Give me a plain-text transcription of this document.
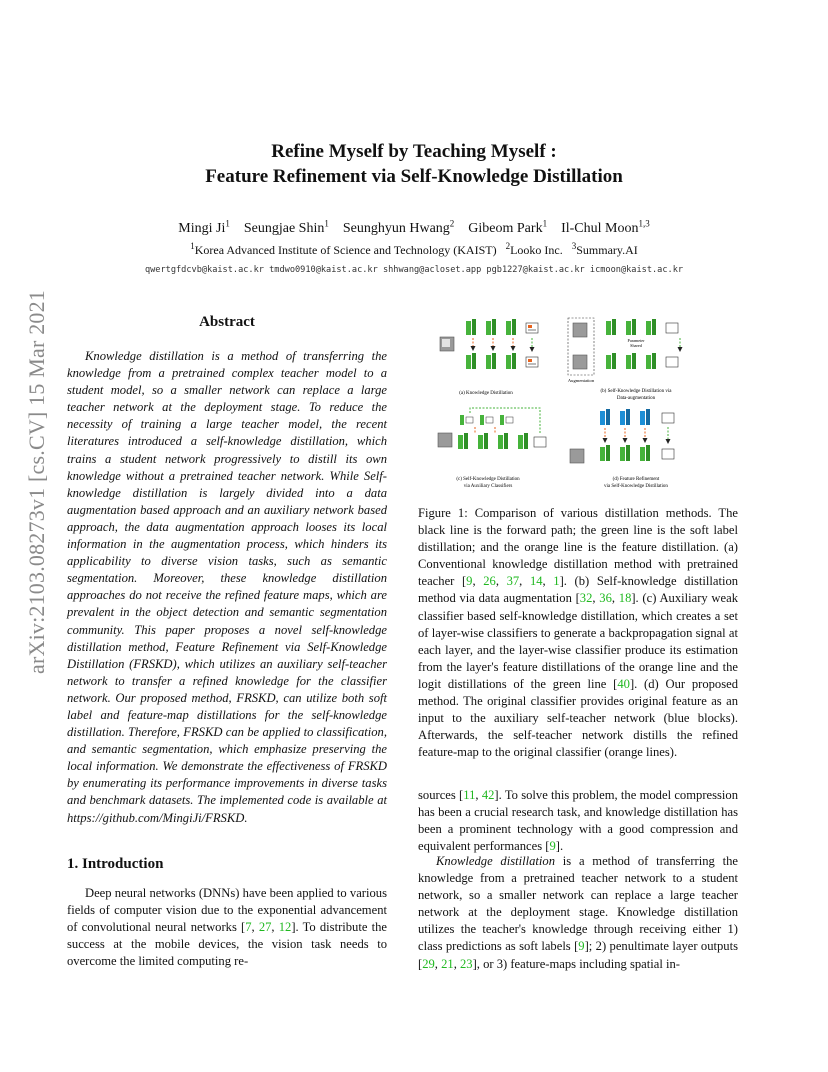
arXiv:2103.08273v1 [cs.CV] 15 Mar 2021
Refine Myself by Teaching Myself :
Feature Refinement via Self-Knowledge Distillation
Mingi Ji$^1$ Seungjae Shin$^1$ Seunghyun Hwang$^2$ Gibeom Park$^1$ Il-Chul Moon$^{1,3}$
$^1$Korea Advanced Institute of Science and Technology (KAIST) $^2$Looko Inc. $^3$Summary.AI
qwertgfdcvb@kaist.ac.kr tmdwo0910@kaist.ac.kr shhwang@acloset.app pgb1227@kaist.ac.kr icmoon@kaist.ac.kr
Abstract
Knowledge distillation is a method of transferring the knowledge from a pretrained complex teacher model to a student model, so a smaller network can replace a large teacher network at the deployment stage. To reduce the necessity of training a large teacher model, the recent literatures introduced a self-knowledge distillation, which trains a student network progressively to distill its own knowledge without a pretrained teacher network. While Self-knowledge distillation is largely divided into a data augmentation based approach and an auxiliary network based approach, the data augmentation approach looses its local information in the augmentation process, which hinders its applicability to diverse vision tasks, such as semantic segmentation. Moreover, these knowledge distillation approaches do not receive the refined feature maps, which are prevalent in the object detection and semantic segmentation community. This paper proposes a novel self-knowledge distillation method, Feature Refinement via Self-Knowledge Distillation (FRSKD), which utilizes an auxiliary self-teacher network to transfer a refined knowledge for the classifier network. Our proposed method, FRSKD, can utilize both soft label and feature-map distillations for the self-knowledge distillation. Therefore, FRSKD can be applied to classification, and semantic segmentation, which emphasize preserving the local information. We demonstrate the effectiveness of FRSKD by enumerating its performance improvements in diverse tasks and benchmark datasets. The implemented code is available at https://github.com/MingiJi/FRSKD.
1. Introduction
Deep neural networks (DNNs) have been applied to various fields of computer vision due to the exponential advancement of convolutional neural networks [7, 27, 12]. To distribute the success at the mobile devices, the vision task needs to overcome the limited computing re-
(a) Knowledge Distillation
Parameter
Shared
Augmentation
(b) Self-Knowledge Distillation via
Data-augmentation
(c) Self-Knowledge Distillation
via Auxiliary Classifiers
(d) Feature Refinement
via Self-Knowledge Distillation
Figure 1: Comparison of various distillation methods. The black line is the forward path; the green line is the soft label distillation; and the orange line is the feature distillation. (a) Conventional knowledge distillation method with pretrained teacher [9, 26, 37, 14, 1]. (b) Self-knowledge distillation method via data augmentation [32, 36, 18]. (c) Auxiliary weak classifier based self-knowledge distillation, which creates a set of layer-wise classifiers to generate a backpropagation signal at each layer, and the layer-wise classifier produce its estimation from the layer's feature distillations of the orange line and the logit distillations of the green line [40]. (d) Our proposed method. The original classifier provides original feature as an input to the auxiliary self-teacher network (blue blocks). Afterwards, the self-teacher network distills the refined feature-map to the original classifier (orange lines).
sources [11, 42]. To solve this problem, the model compression has been a crucial research task, and knowledge distillation has been a prominent technology with a good compression and equivalent performances [9].
Knowledge distillation is a method of transferring the knowledge from a pretrained teacher network to a student network, so a smaller network can replace a large teacher network at the deployment stage. Knowledge distillation utilizes the teacher's knowledge through receiving either 1) class predictions as soft labels [9]; 2) penultimate layer outputs [29, 21, 23], or 3) feature-maps including spatial in-
